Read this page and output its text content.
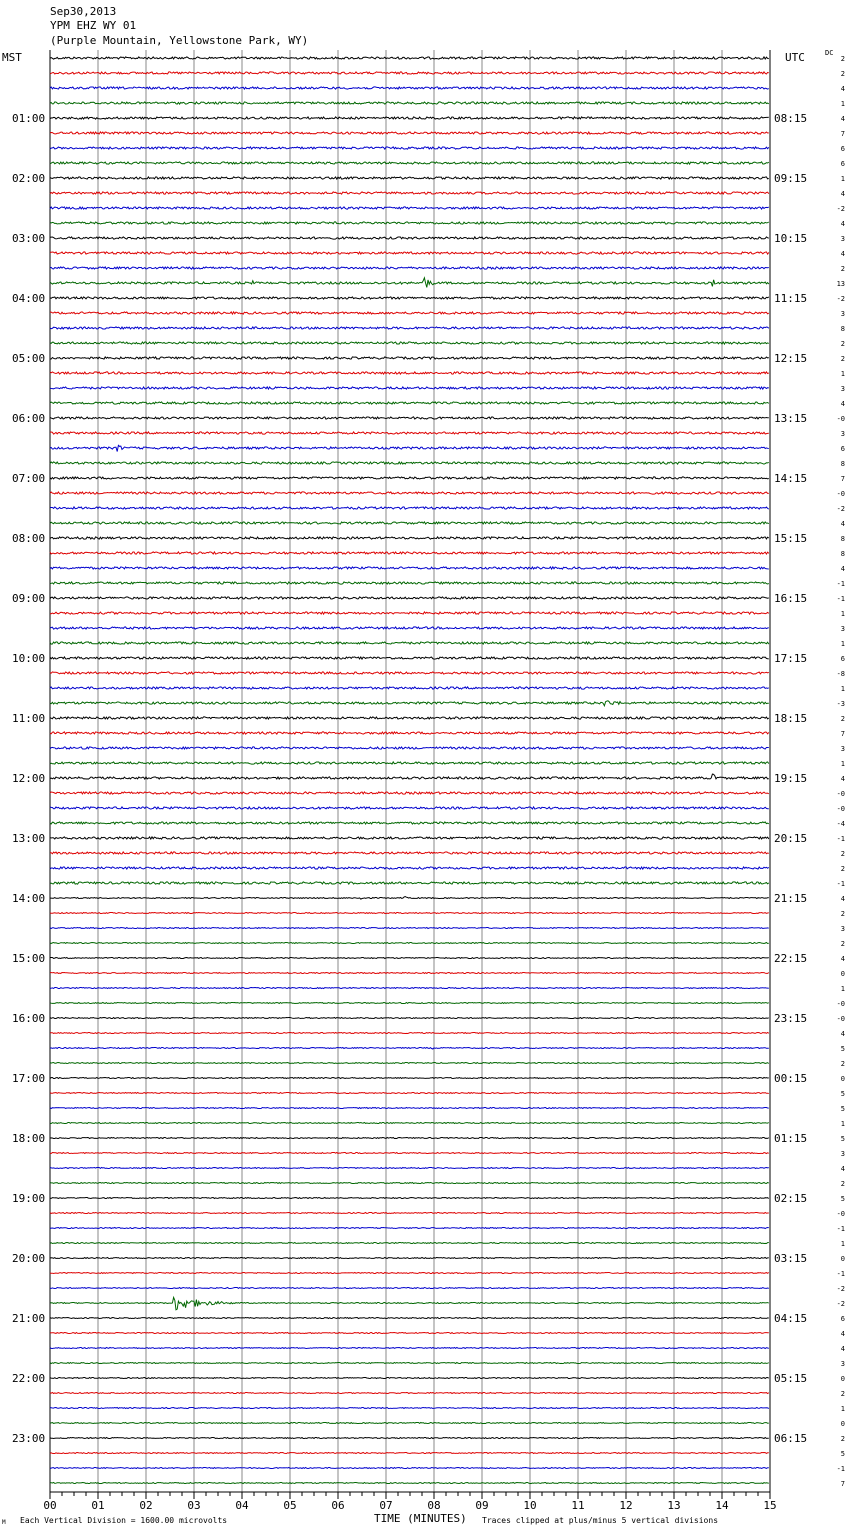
Sep30,2013
YPM EHZ WY 01
(Purple Mountain, Yellowstone Park, WY)
MST	UTC	DC
01:00
02:00
03:00
04:00
05:00
06:00
07:00
08:00
09:00
10:00
11:00
12:00
13:00
14:00
15:00
16:00
17:00
18:00
19:00
20:00
21:00
22:00
23:00
08:15
09:15
10:15
11:15
12:15
13:15
14:15
15:15
16:15
17:15
18:15
19:15
20:15
21:15
22:15
23:15
00:15
01:15
02:15
03:15
04:15
05:15
06:15
2
2
4
1
4
7
6
6
1
4
-2
4
3
4
2
13
-2
3
8
2
2
1
3
4
-0
3
6
8
7
-0
-2
4
8
8
4
-1
-1
1
3
1
6
-8
1
-3
2
7
3
1
4
-0
-0
-4
-1
2
2
-1
4
2
3
2
4
0
1
-0
-0
4
5
2
0
5
5
1
5
3
4
2
5
-0
-1
1
0
-1
-2
-2
6
4
4
3
0
2
1
0
2
5
-1
7
00	01	02	03	04	05	06	07	08	09	10	11	12	13	14	15
TIME (MINUTES)
Each Vertical Division = 1600.00 microvolts	Traces clipped at plus/minus 5 vertical divisions
M
